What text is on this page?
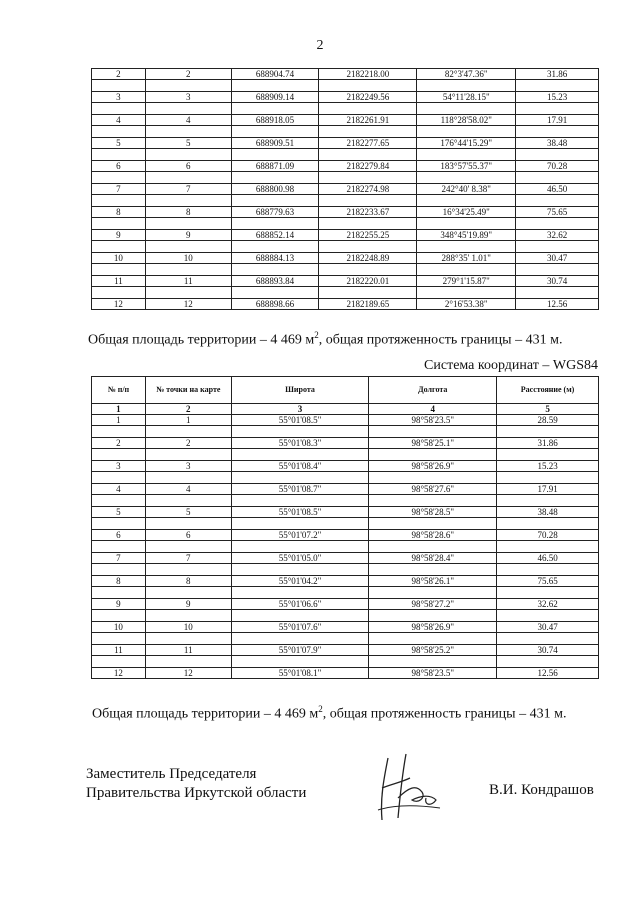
2
2	2	688904.74	2182218.00	82°3'47.36"	31.86

3	3	688909.14	2182249.56	54°11'28.15"	15.23

4	4	688918.05	2182261.91	118°28'58.02"	17.91

5	5	688909.51	2182277.65	176°44'15.29"	38.48

6	6	688871.09	2182279.84	183°57'55.37"	70.28

7	7	688800.98	2182274.98	242°40' 8.38"	46.50

8	8	688779.63	2182233.67	16°34'25.49"	75.65

9	9	688852.14	2182255.25	348°45'19.89"	32.62

10	10	688884.13	2182248.89	288°35' 1.01"	30.47

11	11	688893.84	2182220.01	279°1'15.87"	30.74

12	12	688898.66	2182189.65	2°16'53.38"	12.56
Общая площадь территории – 4 469 $м^2$, общая протяженность границы – 431 м.
Система координат – WGS84
№ п/п	№ точки на карте	Широта	Долгота	Расстояние (м)
1	2	3	4	5
1	1	55°01'08.5"	98°58'23.5"	28.59

2	2	55°01'08.3"	98°58'25.1"	31.86

3	3	55°01'08.4"	98°58'26.9"	15.23

4	4	55°01'08.7"	98°58'27.6"	17.91

5	5	55°01'08.5"	98°58'28.5"	38.48

6	6	55°01'07.2"	98°58'28.6"	70.28

7	7	55°01'05.0"	98°58'28.4"	46.50

8	8	55°01'04.2"	98°58'26.1"	75.65

9	9	55°01'06.6"	98°58'27.2"	32.62

10	10	55°01'07.6"	98°58'26.9"	30.47

11	11	55°01'07.9"	98°58'25.2"	30.74

12	12	55°01'08.1"	98°58'23.5"	12.56
Общая площадь территории – 4 469 $м^2$, общая протяженность границы – 431 м.
Заместитель Председателя
Правительства Иркутской области	В.И. Кондрашов
